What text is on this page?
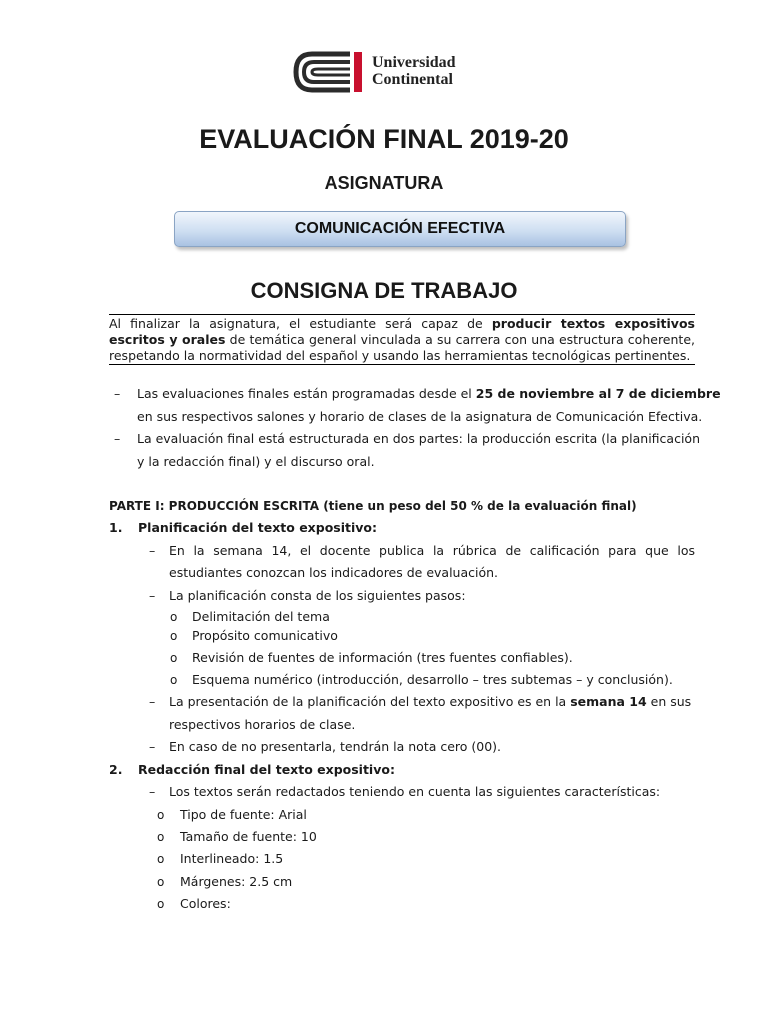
Universidad
Continental
EVALUACIÓN FINAL 2019-20
ASIGNATURA
COMUNICACIÓN EFECTIVA
CONSIGNA DE TRABAJO
Al finalizar la asignatura, el estudiante será capaz de producir textos expositivos escritos y orales de temática general vinculada a su carrera con una estructura coherente, respetando la normatividad del español y usando las herramientas tecnológicas pertinentes.
– Las evaluaciones finales están programadas desde el 25 de noviembre al 7 de diciembre
en sus respectivos salones y horario de clases de la asignatura de Comunicación Efectiva.
– La evaluación final está estructurada en dos partes: la producción escrita (la planificación
y la redacción final) y el discurso oral.
PARTE I: PRODUCCIÓN ESCRITA (tiene un peso del 50 % de la evaluación final)
1. Planificación del texto expositivo:
– En la semana 14, el docente publica la rúbrica de calificación para que los
estudiantes conozcan los indicadores de evaluación.
– La planificación consta de los siguientes pasos:
o Delimitación del tema
o Propósito comunicativo
o Revisión de fuentes de información (tres fuentes confiables).
o Esquema numérico (introducción, desarrollo – tres subtemas – y conclusión).
– La presentación de la planificación del texto expositivo es en la semana 14 en sus
respectivos horarios de clase.
– En caso de no presentarla, tendrán la nota cero (00).
2. Redacción final del texto expositivo:
– Los textos serán redactados teniendo en cuenta las siguientes características:
o Tipo de fuente: Arial
o Tamaño de fuente: 10
o Interlineado: 1.5
o Márgenes: 2.5 cm
o Colores:
